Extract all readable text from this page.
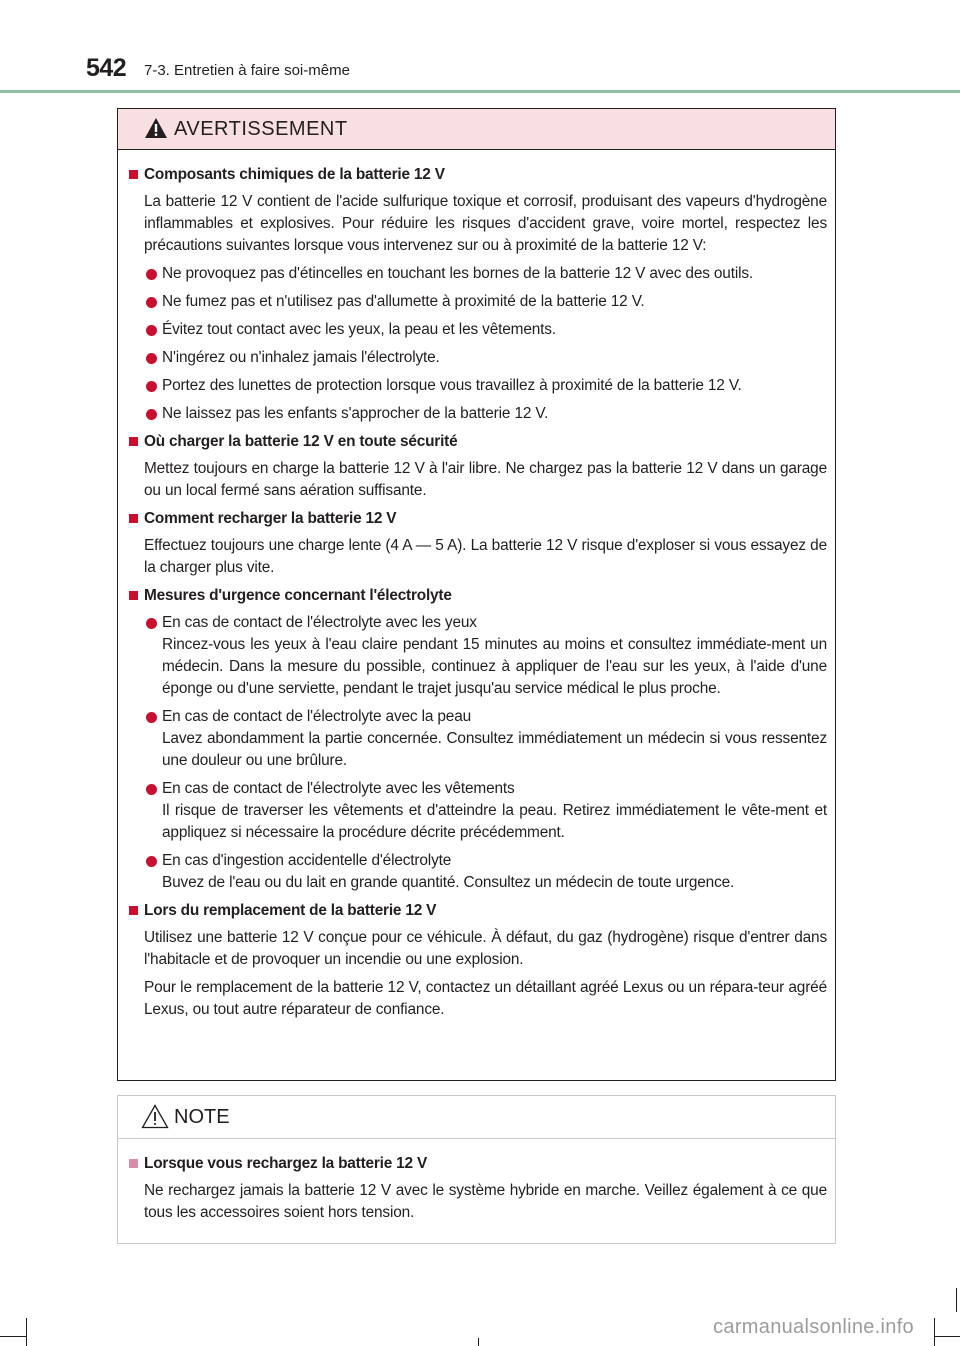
542 7-3. Entretien à faire soi-même
AVERTISSEMENT
Composants chimiques de la batterie 12 V
La batterie 12 V contient de l'acide sulfurique toxique et corrosif, produisant des vapeurs d'hydrogène inflammables et explosives. Pour réduire les risques d'accident grave, voire mortel, respectez les précautions suivantes lorsque vous intervenez sur ou à proximité de la batterie 12 V:
Ne provoquez pas d'étincelles en touchant les bornes de la batterie 12 V avec des outils.
Ne fumez pas et n'utilisez pas d'allumette à proximité de la batterie 12 V.
Évitez tout contact avec les yeux, la peau et les vêtements.
N'ingérez ou n'inhalez jamais l'électrolyte.
Portez des lunettes de protection lorsque vous travaillez à proximité de la batterie 12 V.
Ne laissez pas les enfants s'approcher de la batterie 12 V.
Où charger la batterie 12 V en toute sécurité
Mettez toujours en charge la batterie 12 V à l'air libre. Ne chargez pas la batterie 12 V dans un garage ou un local fermé sans aération suffisante.
Comment recharger la batterie 12 V
Effectuez toujours une charge lente (4 A — 5 A). La batterie 12 V risque d'exploser si vous essayez de la charger plus vite.
Mesures d'urgence concernant l'électrolyte
En cas de contact de l'électrolyte avec les yeux
Rincez-vous les yeux à l'eau claire pendant 15 minutes au moins et consultez immédiate-ment un médecin. Dans la mesure du possible, continuez à appliquer de l'eau sur les yeux, à l'aide d'une éponge ou d'une serviette, pendant le trajet jusqu'au service médical le plus proche.
En cas de contact de l'électrolyte avec la peau
Lavez abondamment la partie concernée. Consultez immédiatement un médecin si vous ressentez une douleur ou une brûlure.
En cas de contact de l'électrolyte avec les vêtements
Il risque de traverser les vêtements et d'atteindre la peau. Retirez immédiatement le vête-ment et appliquez si nécessaire la procédure décrite précédemment.
En cas d'ingestion accidentelle d'électrolyte
Buvez de l'eau ou du lait en grande quantité. Consultez un médecin de toute urgence.
Lors du remplacement de la batterie 12 V
Utilisez une batterie 12 V conçue pour ce véhicule. À défaut, du gaz (hydrogène) risque d'entrer dans l'habitacle et de provoquer un incendie ou une explosion.
Pour le remplacement de la batterie 12 V, contactez un détaillant agréé Lexus ou un répara-teur agréé Lexus, ou tout autre réparateur de confiance.
NOTE
Lorsque vous rechargez la batterie 12 V
Ne rechargez jamais la batterie 12 V avec le système hybride en marche. Veillez également à ce que tous les accessoires soient hors tension.
carmanualsonline.info
